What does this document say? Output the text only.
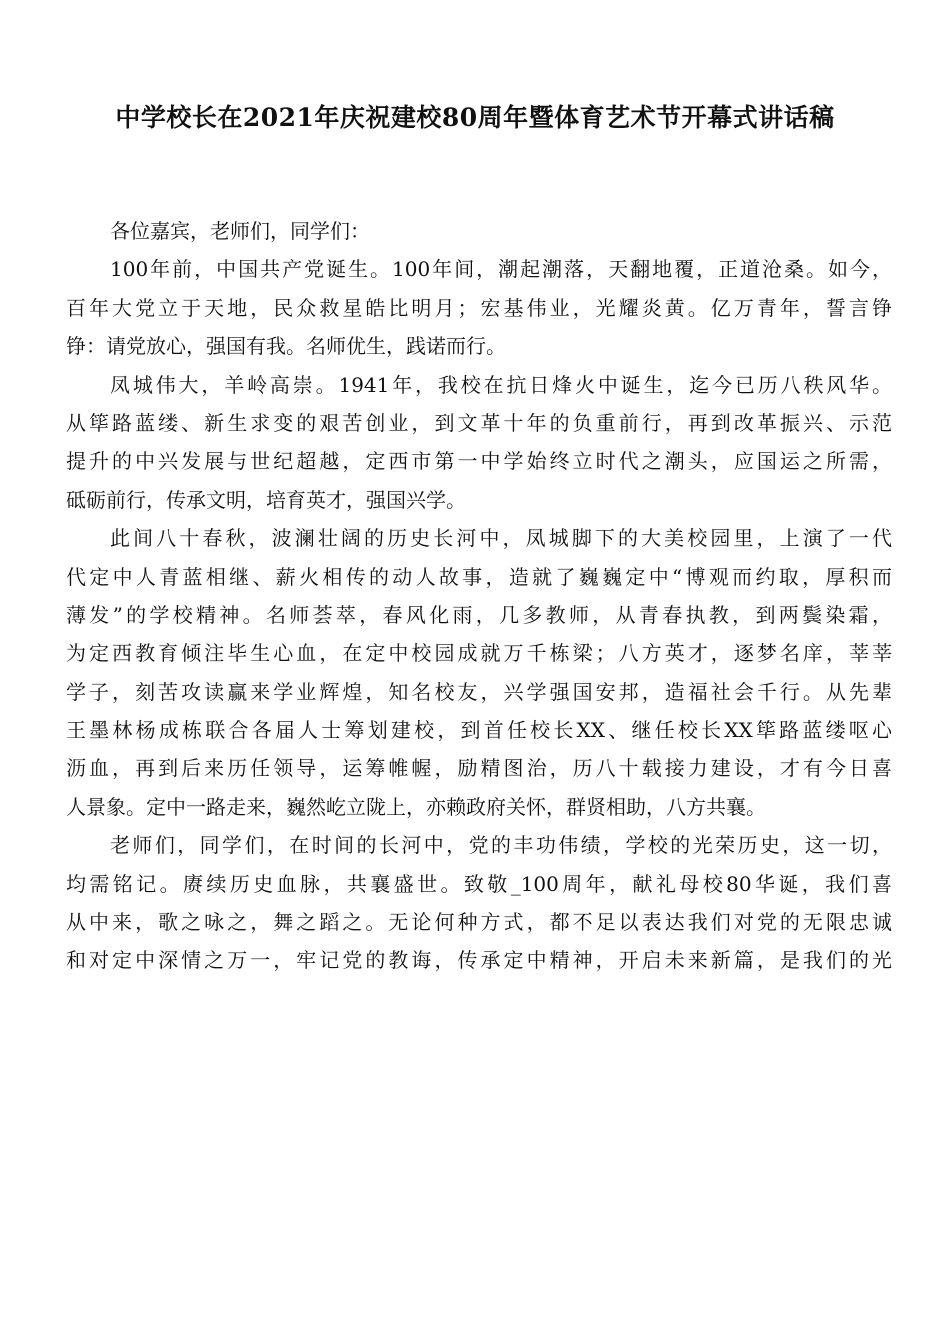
中学校长在2021年庆祝建校80周年暨体育艺术节开幕式讲话稿
各位嘉宾，老师们，同学们：
100年前，中国共产党诞生。100年间，潮起潮落，天翻地覆，正道沧桑。如今，
百年大党立于天地，民众救星皓比明月；宏基伟业，光耀炎黄。亿万青年，誓言铮
铮：请党放心，强国有我。名师优生，践诺而行。
凤城伟大，羊岭高崇。1941年，我校在抗日烽火中诞生，迄今已历八秩风华。
从筚路蓝缕、新生求变的艰苦创业，到文革十年的负重前行，再到改革振兴、示范
提升的中兴发展与世纪超越，定西市第一中学始终立时代之潮头，应国运之所需，
砥砺前行，传承文明，培育英才，强国兴学。
此间八十春秋，波澜壮阔的历史长河中，凤城脚下的大美校园里，上演了一代
代定中人青蓝相继、薪火相传的动人故事，造就了巍巍定中“博观而约取，厚积而
薄发”的学校精神。名师荟萃，春风化雨，几多教师，从青春执教，到两鬓染霜，
为定西教育倾注毕生心血，在定中校园成就万千栋梁；八方英才，逐梦名庠，莘莘
学子，刻苦攻读赢来学业辉煌，知名校友，兴学强国安邦，造福社会千行。从先辈
王墨林杨成栋联合各届人士筹划建校，到首任校长XX、继任校长XX筚路蓝缕呕心
沥血，再到后来历任领导，运筹帷幄，励精图治，历八十载接力建设，才有今日喜
人景象。定中一路走来，巍然屹立陇上，亦赖政府关怀，群贤相助，八方共襄。
老师们，同学们，在时间的长河中，党的丰功伟绩，学校的光荣历史，这一切，
均需铭记。赓续历史血脉，共襄盛世。致敬_100周年，献礼母校80华诞，我们喜
从中来，歌之咏之，舞之蹈之。无论何种方式，都不足以表达我们对党的无限忠诚
和对定中深情之万一，牢记党的教诲，传承定中精神，开启未来新篇，是我们的光
